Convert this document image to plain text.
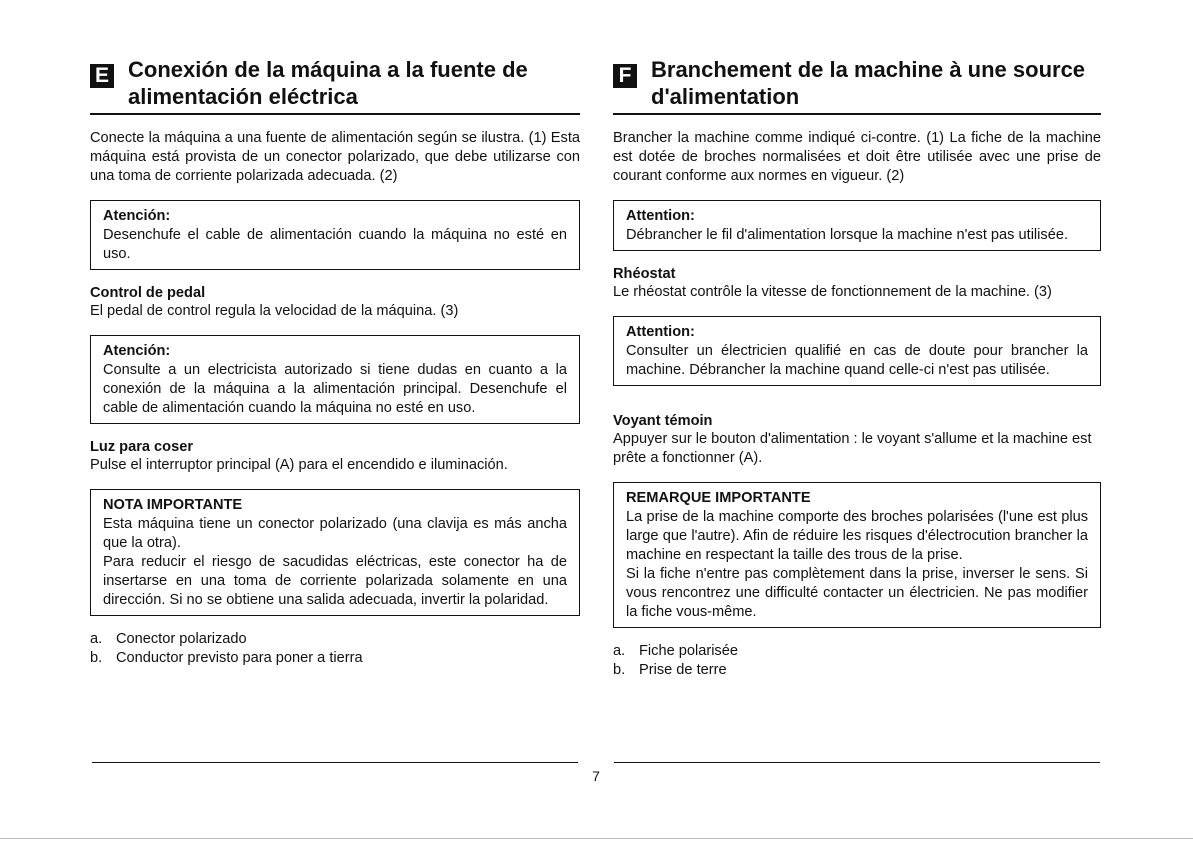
E Conexión de la máquina a la fuente de
alimentación eléctrica

Conecte la máquina a una fuente de alimentación según se ilustra. (1) Esta máquina está provista de un conector polarizado, que debe utilizarse con una toma de corriente polarizada adecuada. (2)

Atención:
Desenchufe el cable de alimentación cuando la máquina no esté en uso.
Control de pedal
El pedal de control regula la velocidad de la máquina. (3)
Atención:
Consulte a un electricista autorizado si tiene dudas en cuanto a la conexión de la máquina a la alimentación principal. Desenchufe el cable de alimentación cuando la máquina no esté en uso.
Luz para coser
Pulse el interruptor principal (A) para el encendido e iluminación.
NOTA IMPORTANTE
Esta máquina tiene un conector polarizado (una clavija es más ancha que la otra).
Para reducir el riesgo de sacudidas eléctricas, este conector ha de insertarse en una toma de corriente polarizada solamente en una dirección. Si no se obtiene una salida adecuada, invertir la polaridad.
a. Conector polarizado
b. Conductor previsto para poner a tierra
F Branchement de la machine à une source
d'alimentation

Brancher la machine comme indiqué ci-contre. (1) La fiche de la machine est dotée de broches normalisées et doit être utilisée avec une prise de courant conforme aux normes en vigueur. (2)

Attention:
Débrancher le fil d'alimentation lorsque la machine n'est pas utilisée.
Rhéostat
Le rhéostat contrôle la vitesse de fonctionnement de la machine. (3)
Attention:
Consulter un électricien qualifié en cas de doute pour brancher la machine. Débrancher la machine quand celle-ci n'est pas utilisée.
Voyant témoin
Appuyer sur le bouton d'alimentation : le voyant s'allume et la machine est prête a fonctionner (A).
REMARQUE IMPORTANTE
La prise de la machine comporte des broches polarisées (l'une est plus large que l'autre). Afin de réduire les risques d'électrocution brancher la machine en respectant la taille des trous de la prise.
Si la fiche n'entre pas complètement dans la prise, inverser le sens. Si vous rencontrez une difficulté contacter un électricien. Ne pas modifier la fiche vous-même.
a. Fiche polarisée
b. Prise de terre
7
